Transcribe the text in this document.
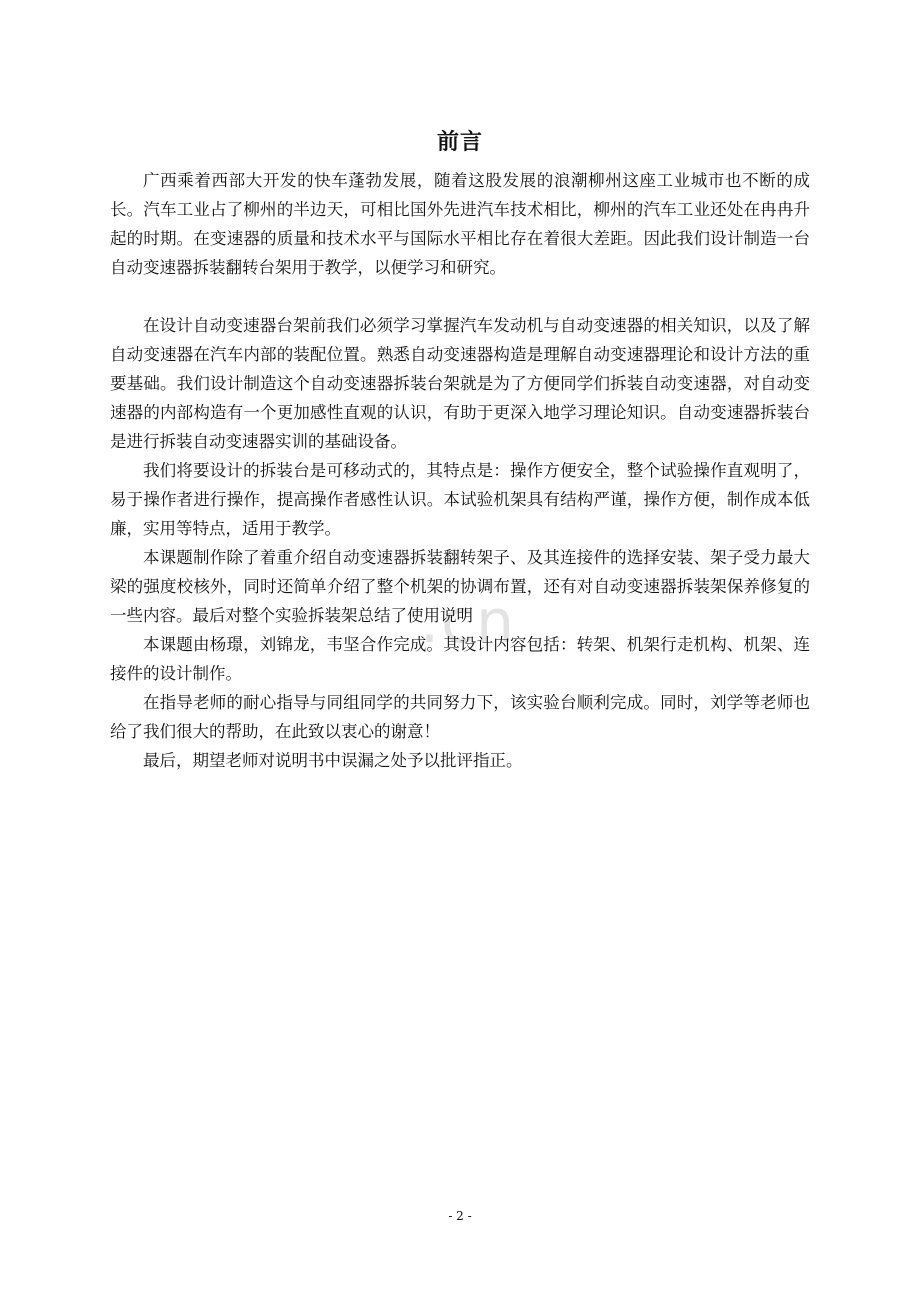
.cn
前言

广西乘着西部大开发的快车蓬勃发展，随着这股发展的浪潮柳州这座工业城市也不断的成长。汽车工业占了柳州的半边天，可相比国外先进汽车技术相比，柳州的汽车工业还处在冉冉升起的时期。在变速器的质量和技术水平与国际水平相比存在着很大差距。因此我们设计制造一台自动变速器拆装翻转台架用于教学，以便学习和研究。

在设计自动变速器台架前我们必须学习掌握汽车发动机与自动变速器的相关知识，以及了解自动变速器在汽车内部的装配位置。熟悉自动变速器构造是理解自动变速器理论和设计方法的重要基础。我们设计制造这个自动变速器拆装台架就是为了方便同学们拆装自动变速器，对自动变速器的内部构造有一个更加感性直观的认识，有助于更深入地学习理论知识。自动变速器拆装台是进行拆装自动变速器实训的基础设备。

我们将要设计的拆装台是可移动式的，其特点是：操作方便安全，整个试验操作直观明了，易于操作者进行操作，提高操作者感性认识。本试验机架具有结构严谨，操作方便，制作成本低廉，实用等特点，适用于教学。

本课题制作除了着重介绍自动变速器拆装翻转架子、及其连接件的选择安装、架子受力最大梁的强度校核外，同时还简单介绍了整个机架的协调布置，还有对自动变速器拆装架保养修复的一些内容。最后对整个实验拆装架总结了使用说明

本课题由杨璟，刘锦龙，韦坚合作完成。其设计内容包括：转架、机架行走机构、机架、连接件的设计制作。

在指导老师的耐心指导与同组同学的共同努力下，该实验台顺利完成。同时，刘学等老师也给了我们很大的帮助，在此致以衷心的谢意！

最后，期望老师对说明书中误漏之处予以批评指正。

- 2 -
